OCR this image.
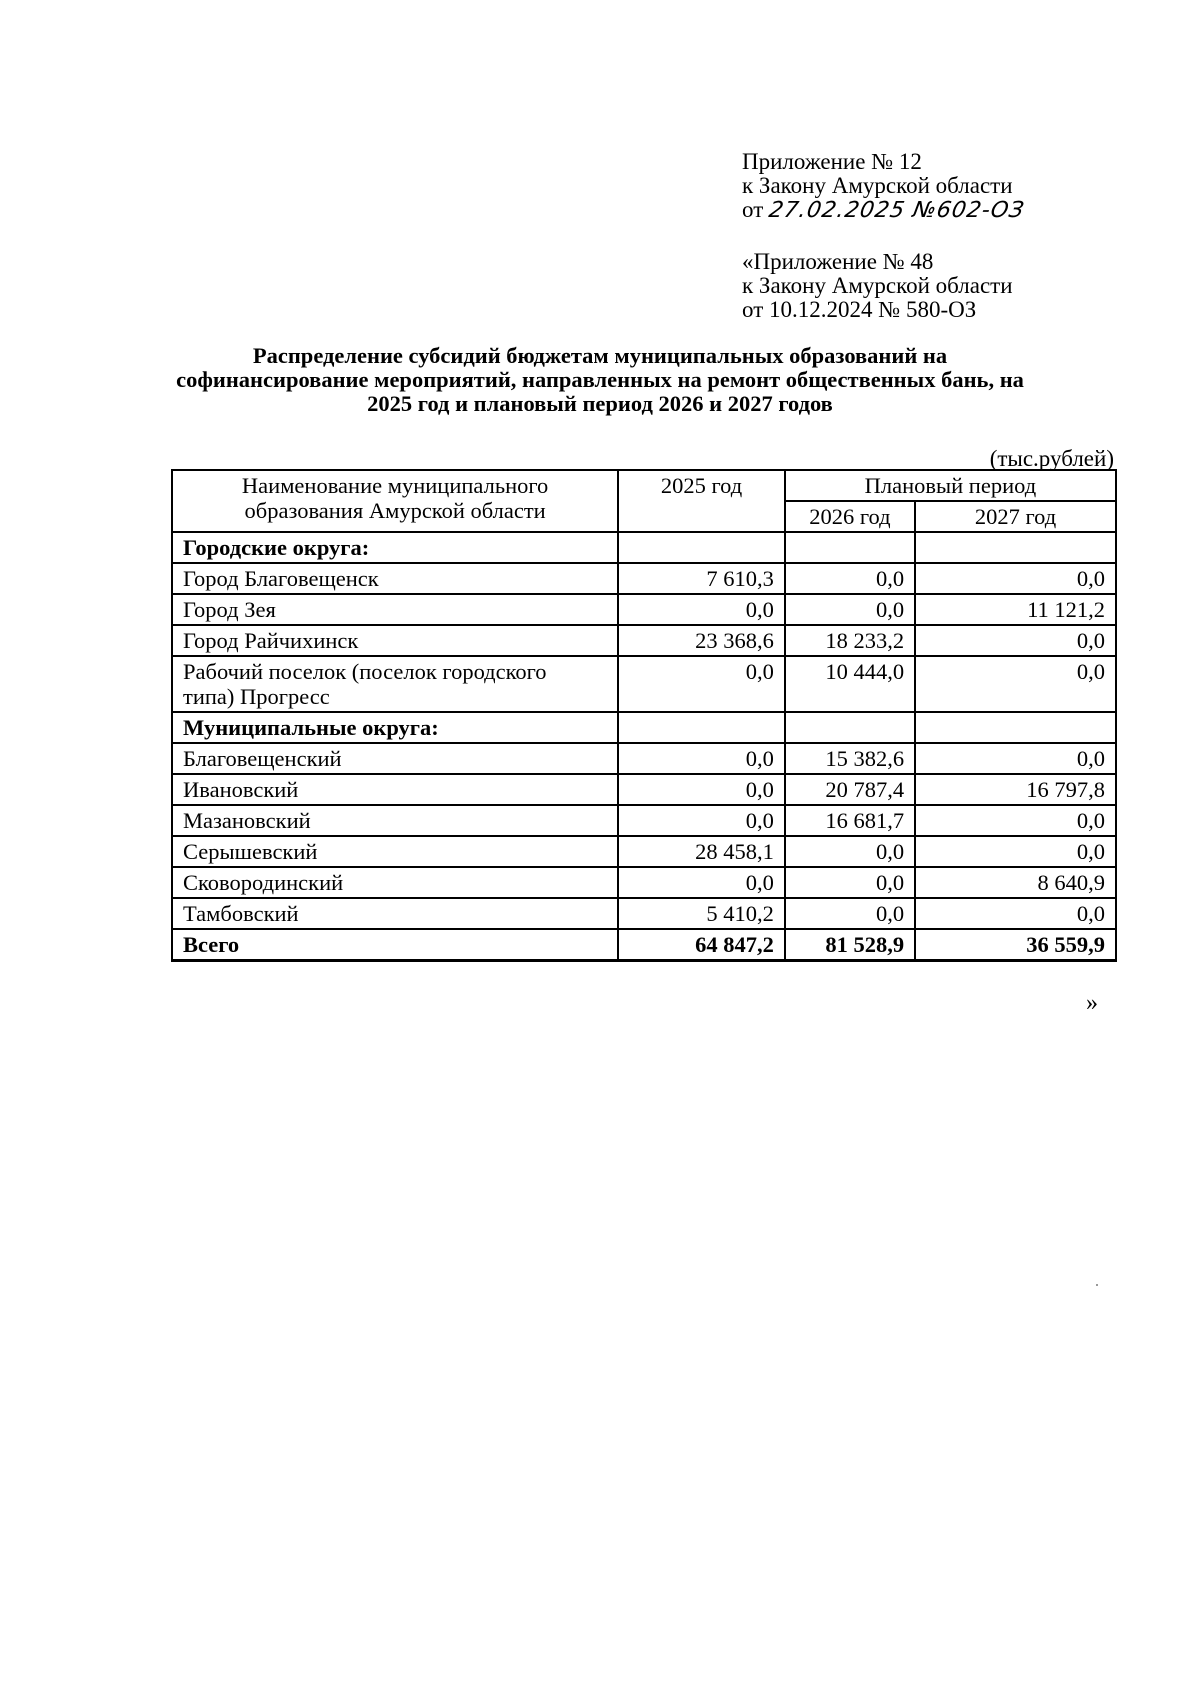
Приложение № 12
к Закону Амурской области
от 27.02.2025 №602-ОЗ
«Приложение № 48
к Закону Амурской области
от 10.12.2024 № 580-ОЗ
Распределение субсидий бюджетам муниципальных образований на
софинансирование мероприятий, направленных на ремонт общественных бань, на
2025 год и плановый период 2026 и 2027 годов
(тыс.рублей)
Наименование муниципального
образования Амурской области	2025 год	Плановый период	
		2026 год	2027 год
Городские округа:			
Город Благовещенск	7 610,3	0,0	0,0
Город Зея	0,0	0,0	11 121,2
Город Райчихинск	23 368,6	18 233,2	0,0

Рабочий поселок (поселок городского
типа) Прогресс	0,0	10 444,0	0,0
Муниципальные округа:			
Благовещенский	0,0	15 382,6	0,0
Ивановский	0,0	20 787,4	16 797,8
Мазановский	0,0	16 681,7	0,0
Серышевский	28 458,1	0,0	0,0
Сковородинский	0,0	0,0	8 640,9
Тамбовский	5 410,2	0,0	0,0
Всего	64 847,2	81 528,9	36 559,9
»
